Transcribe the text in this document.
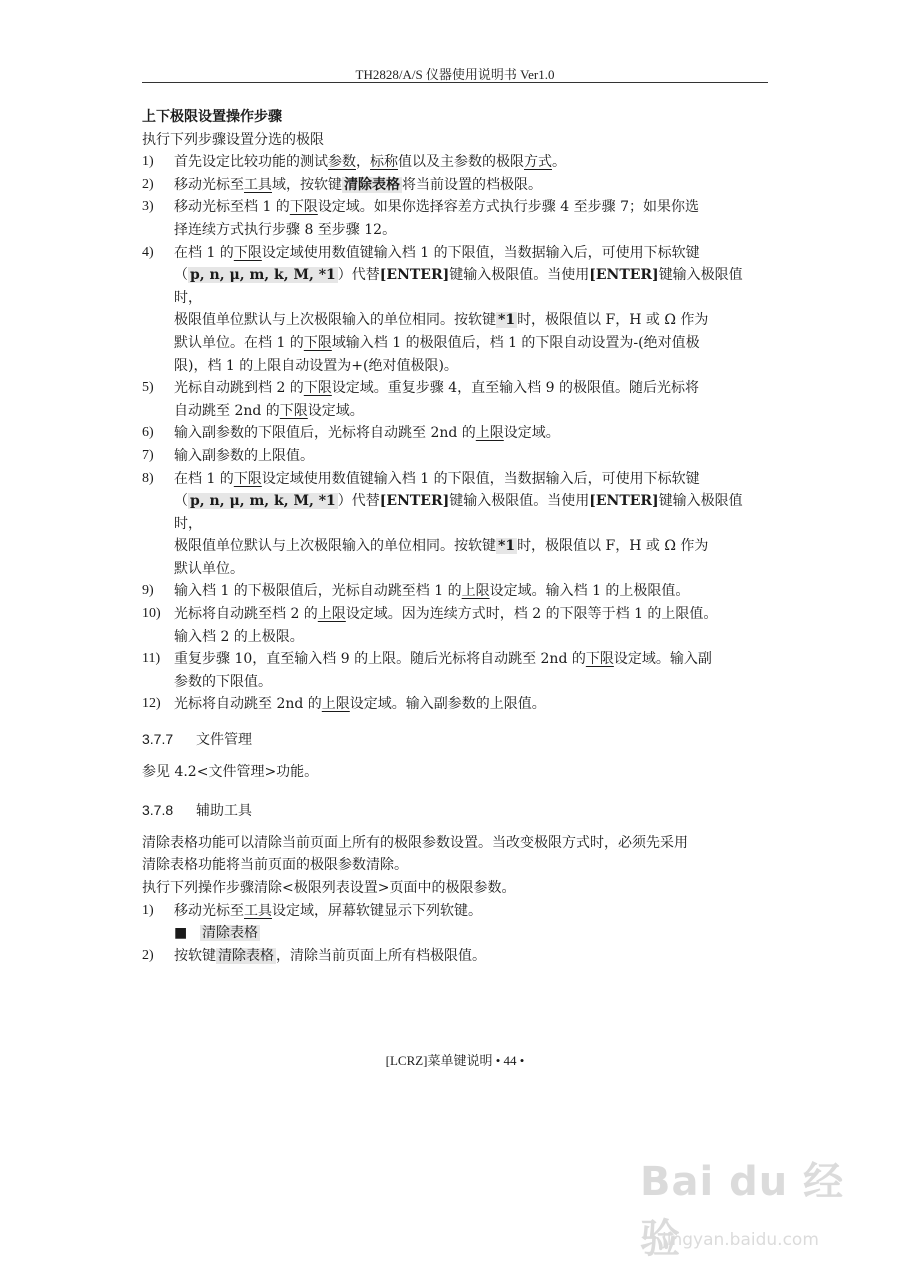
TH2828/A/S 仪器使用说明书 Ver1.0

上下极限设置操作步骤

执行下列步骤设置分选的极限

1) 首先设定比较功能的测试参数，标称值以及主参数的极限方式。

2) 移动光标至工具域，按软键 清除表格 将当前设置的档极限。

3) 移动光标至档 1 的下限设定域。如果你选择容差方式执行步骤 4 至步骤 7；如果你选
择连续方式执行步骤 8 至步骤 12。

4) 在档 1 的下限设定域使用数值键输入档 1 的下限值，当数据输入后，可使用下标软键
（ p, n, μ, m, k, M, *1 ）代替[ENTER]键输入极限值。当使用[ENTER]键输入极限值时，
极限值单位默认与上次极限输入的单位相同。按软键 *1 时，极限值以 F，H 或 Ω 作为
默认单位。在档 1 的下限域输入档 1 的极限值后，档 1 的下限自动设置为-(绝对值极
限)，档 1 的上限自动设置为+(绝对值极限)。

5) 光标自动跳到档 2 的下限设定域。重复步骤 4，直至输入档 9 的极限值。随后光标将
自动跳至 2nd 的下限设定域。

6) 输入副参数的下限值后，光标将自动跳至 2nd 的上限设定域。

7) 输入副参数的上限值。

8) 在档 1 的下限设定域使用数值键输入档 1 的下限值，当数据输入后，可使用下标软键
（ p, n, μ, m, k, M, *1 ）代替[ENTER]键输入极限值。当使用[ENTER]键输入极限值时，
极限值单位默认与上次极限输入的单位相同。按软键 *1 时，极限值以 F，H 或 Ω 作为
默认单位。

9) 输入档 1 的下极限值后，光标自动跳至档 1 的上限设定域。输入档 1 的上极限值。

10) 光标将自动跳至档 2 的上限设定域。因为连续方式时，档 2 的下限等于档 1 的上限值。
输入档 2 的上极限。

11) 重复步骤 10，直至输入档 9 的上限。随后光标将自动跳至 2nd 的下限设定域。输入副
参数的下限值。

12) 光标将自动跳至 2nd 的上限设定域。输入副参数的上限值。

3.7.7 文件管理

参见 4.2<文件管理>功能。

3.7.8 辅助工具

清除表格功能可以清除当前页面上所有的极限参数设置。当改变极限方式时，必须先采用
清除表格功能将当前页面的极限参数清除。

执行下列操作步骤清除<极限列表设置>页面中的极限参数。

1) 移动光标至工具设定域，屏幕软键显示下列软键。

■ 清除表格

2) 按软键 清除表格 ，清除当前页面上所有档极限值。

[LCRZ]菜单键说明 • 44 •
Bai du 经验
jingyan.baidu.com
